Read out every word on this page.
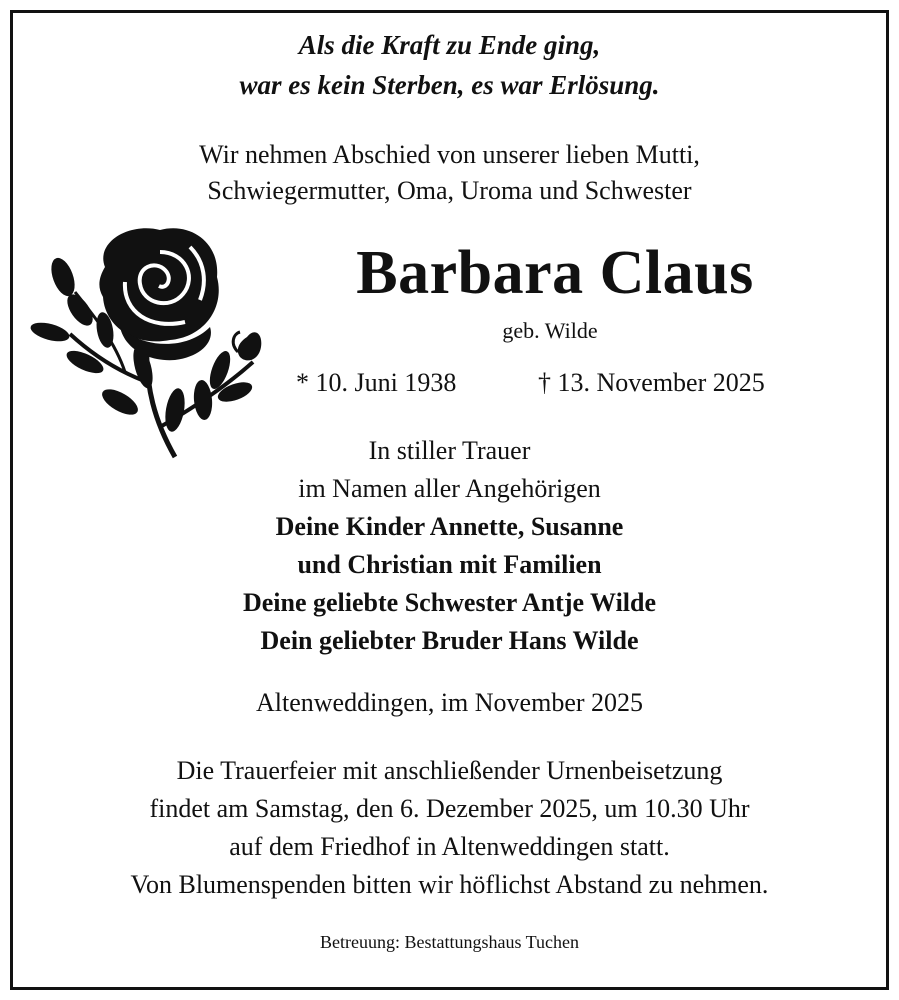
Als die Kraft zu Ende ging,
war es kein Sterben, es war Erlösung.
Wir nehmen Abschied von unserer lieben Mutti,
Schwiegermutter, Oma, Uroma und Schwester
Barbara Claus
geb. Wilde
* 10. Juni 1938	† 13. November 2025
In stiller Trauer
im Namen aller Angehörigen
Deine Kinder Annette, Susanne
und Christian mit Familien
Deine geliebte Schwester Antje Wilde
Dein geliebter Bruder Hans Wilde
Altenweddingen, im November 2025
Die Trauerfeier mit anschließender Urnenbeisetzung
findet am Samstag, den 6. Dezember 2025, um 10.30 Uhr
auf dem Friedhof in Altenweddingen statt.
Von Blumenspenden bitten wir höflichst Abstand zu nehmen.
Betreuung: Bestattungshaus Tuchen
